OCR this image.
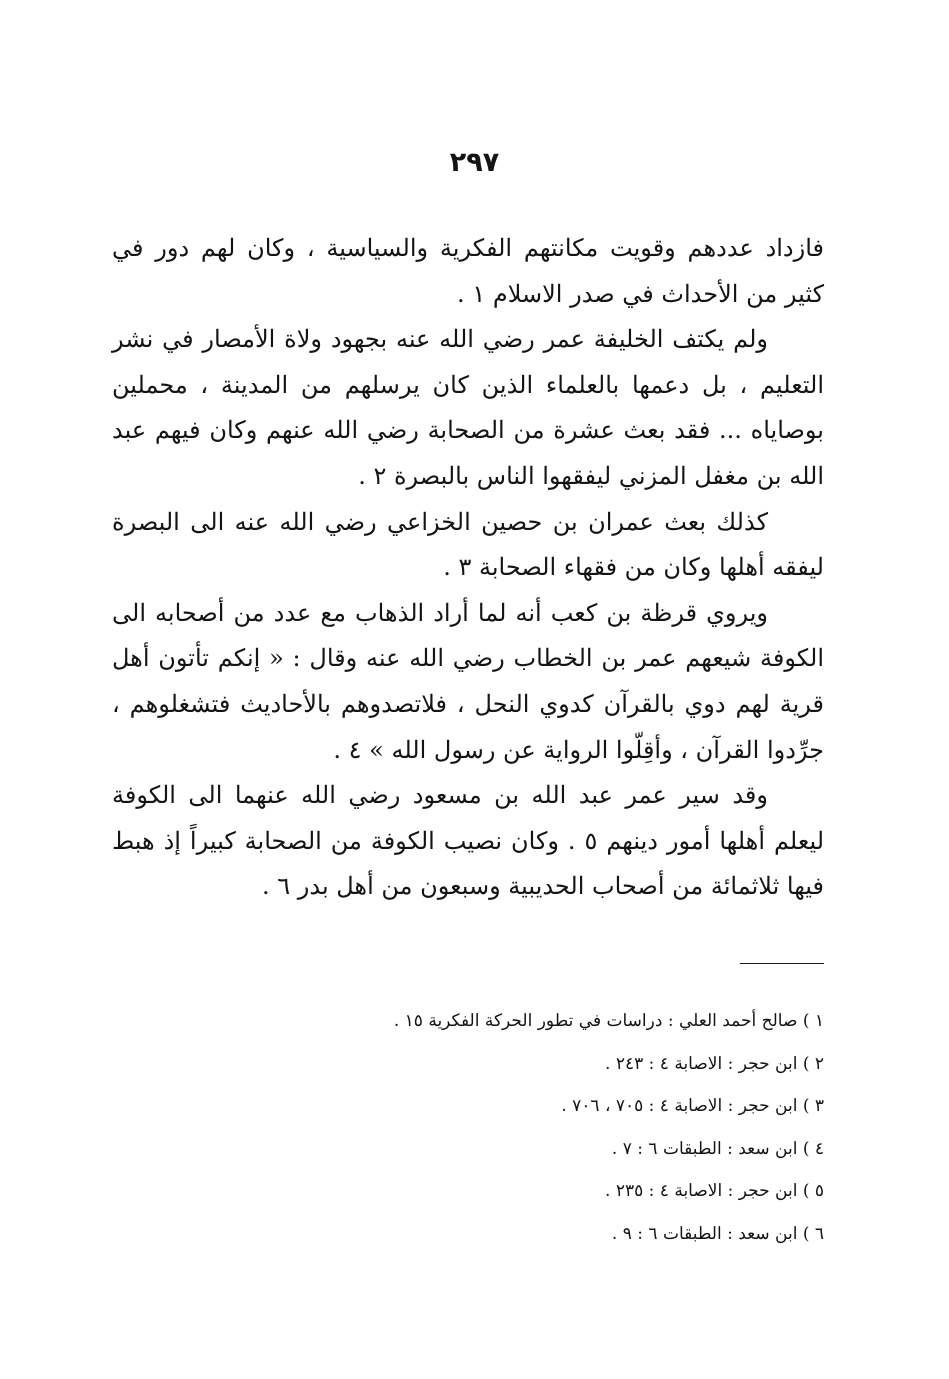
٢٩٧

فازداد عددهم وقويت مكانتهم الفكرية والسياسية ، وكان لهم دور في كثير من الأحداث في صدر الاسلام ١ .

ولم يكتف الخليفة عمر رضي الله عنه بجهود ولاة الأمصار في نشر التعليم ، بل دعمها بالعلماء الذين كان يرسلهم من المدينة ، محملين بوصاياه ... فقد بعث عشرة من الصحابة رضي الله عنهم وكان فيهم عبد الله بن مغفل المزني ليفقهوا الناس بالبصرة ٢ .

كذلك بعث عمران بن حصين الخزاعي رضي الله عنه الى البصرة ليفقه أهلها وكان من فقهاء الصحابة ٣ .

ويروي قرظة بن كعب أنه لما أراد الذهاب مع عدد من أصحابه الى الكوفة شيعهم عمر بن الخطاب رضي الله عنه وقال : « إنكم تأتون أهل قرية لهم دوي بالقرآن كدوي النحل ، فلاتصدوهم بالأحاديث فتشغلوهم ، جرِّدوا القرآن ، وأقِلّوا الرواية عن رسول الله » ٤ .

وقد سير عمر عبد الله بن مسعود رضي الله عنهما الى الكوفة ليعلم أهلها أمور دينهم ٥ . وكان نصيب الكوفة من الصحابة كبيراً إذ هبط فيها ثلاثمائة من أصحاب الحديبية وسبعون من أهل بدر ٦ .

١ ) صالح أحمد العلي : دراسات في تطور الحركة الفكرية ١٥ .
٢ ) ابن حجر : الاصابة ٤ : ٢٤٣ .
٣ ) ابن حجر : الاصابة ٤ : ٧٠٥ ، ٧٠٦ .
٤ ) ابن سعد : الطبقات ٦ : ٧ .
٥ ) ابن حجر : الاصابة ٤ : ٢٣٥ .
٦ ) ابن سعد : الطبقات ٦ : ٩ .
